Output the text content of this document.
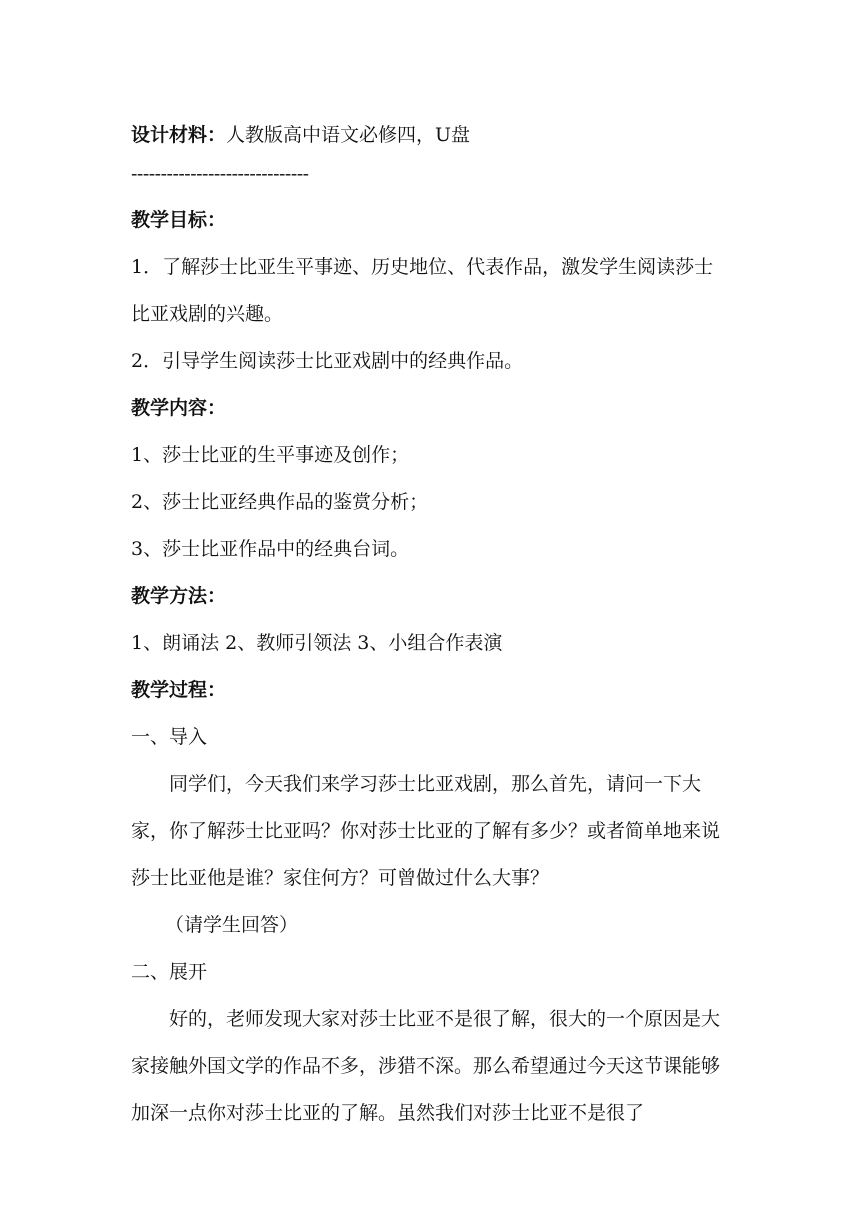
设计材料：人教版高中语文必修四，U盘
------------------------------
教学目标：
1．了解莎士比亚生平事迹、历史地位、代表作品，激发学生阅读莎士比亚戏剧的兴趣。
2．引导学生阅读莎士比亚戏剧中的经典作品。
教学内容：
1、莎士比亚的生平事迹及创作；
2、莎士比亚经典作品的鉴赏分析；
3、莎士比亚作品中的经典台词。
教学方法：
1、朗诵法 2、教师引领法 3、小组合作表演
教学过程：
一、导入
同学们，今天我们来学习莎士比亚戏剧，那么首先，请问一下大家，你了解莎士比亚吗？你对莎士比亚的了解有多少？或者简单地来说莎士比亚他是谁？家住何方？可曾做过什么大事？
（请学生回答）
二、展开
好的，老师发现大家对莎士比亚不是很了解，很大的一个原因是大家接触外国文学的作品不多，涉猎不深。那么希望通过今天这节课能够加深一点你对莎士比亚的了解。虽然我们对莎士比亚不是很了
